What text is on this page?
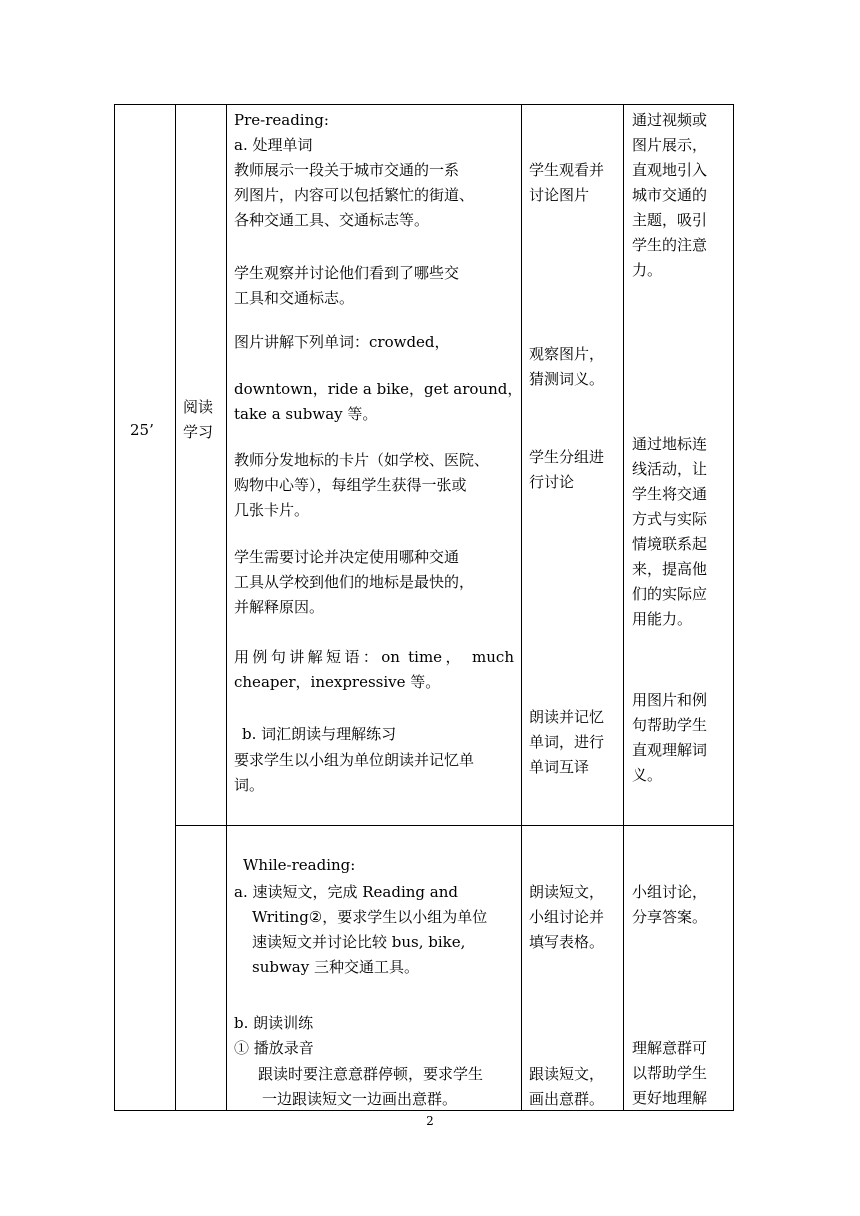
25’
阅读
学习
Pre-reading:
a. 处理单词
教师展示一段关于城市交通的一系
列图片，内容可以包括繁忙的街道、
各种交通工具、交通标志等。
学生观察并讨论他们看到了哪些交
工具和交通标志。
图片讲解下列单词：crowded，
downtown，ride a bike，get around，
take a subway 等。
教师分发地标的卡片（如学校、医院、
购物中心等），每组学生获得一张或
几张卡片。
学生需要讨论并决定使用哪种交通
工具从学校到他们的地标是最快的，
并解释原因。
用例句讲解短语：on time， much
cheaper，inexpressive 等。
b. 词汇朗读与理解练习
要求学生以小组为单位朗读并记忆单
词。
学生观看并
讨论图片
观察图片，
猜测词义。
学生分组进
行讨论
朗读并记忆
单词，进行
单词互译
通过视频或
图片展示，
直观地引入
城市交通的
主题，吸引
学生的注意
力。
通过地标连
线活动，让
学生将交通
方式与实际
情境联系起
来，提高他
们的实际应
用能力。
用图片和例
句帮助学生
直观理解词
义。
While-reading:
a. 速读短文，完成 Reading and
Writing②，要求学生以小组为单位
速读短文并讨论比较 bus, bike,
subway 三种交通工具。
b. 朗读训练
① 播放录音
跟读时要注意意群停顿，要求学生
一边跟读短文一边画出意群。
朗读短文，
小组讨论并
填写表格。
跟读短文，
画出意群。
小组讨论，
分享答案。
理解意群可
以帮助学生
更好地理解
2
